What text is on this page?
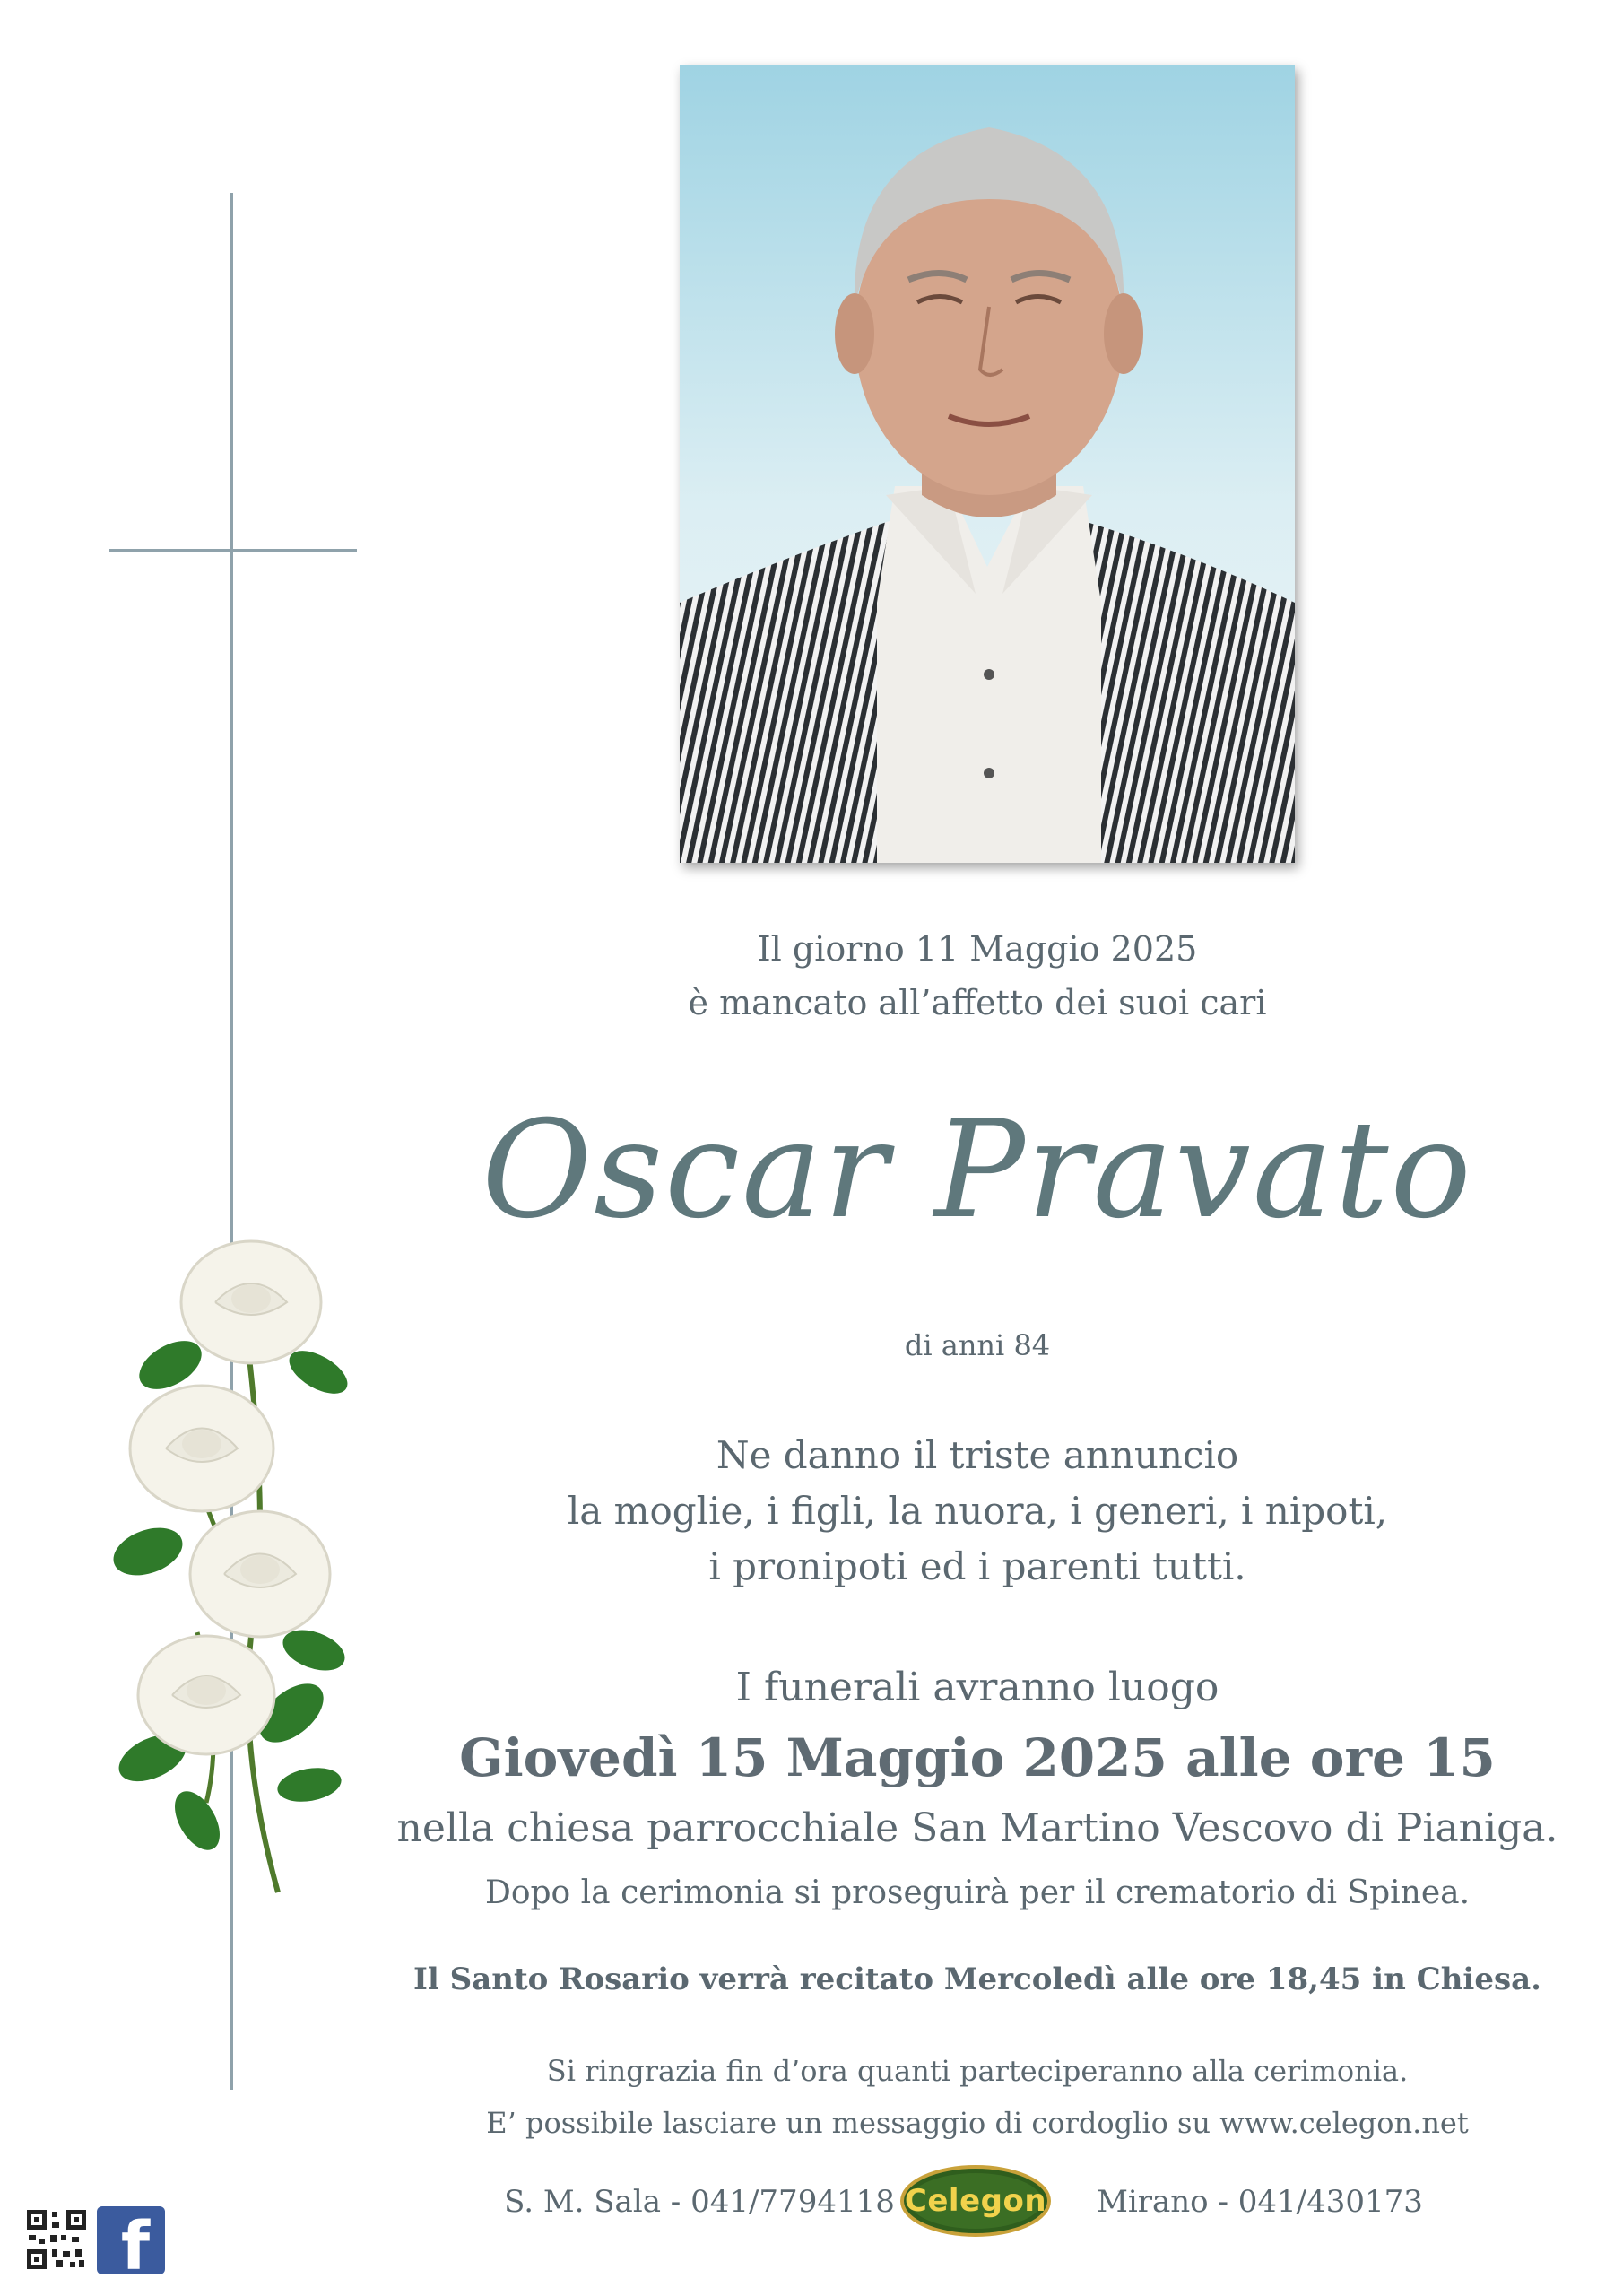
Il giorno 11 Maggio 2025
è mancato all’affetto dei suoi cari
Oscar Pravato
di anni 84
Ne danno il triste annuncio
la moglie, i figli, la nuora, i generi, i nipoti,
i pronipoti ed i parenti tutti.
I funerali avranno luogo
Giovedì 15 Maggio 2025 alle ore 15
nella chiesa parrocchiale San Martino Vescovo di Pianiga.
Dopo la cerimonia si proseguirà per il crematorio di Spinea.
Il Santo Rosario verrà recitato Mercoledì alle ore 18,45 in Chiesa.
Si ringrazia fin d’ora quanti parteciperanno alla cerimonia.
E’ possibile lasciare un messaggio di cordoglio su www.celegon.net
S. M. Sala - 041/7794118 Celegon	Mirano - 041/430173
f
